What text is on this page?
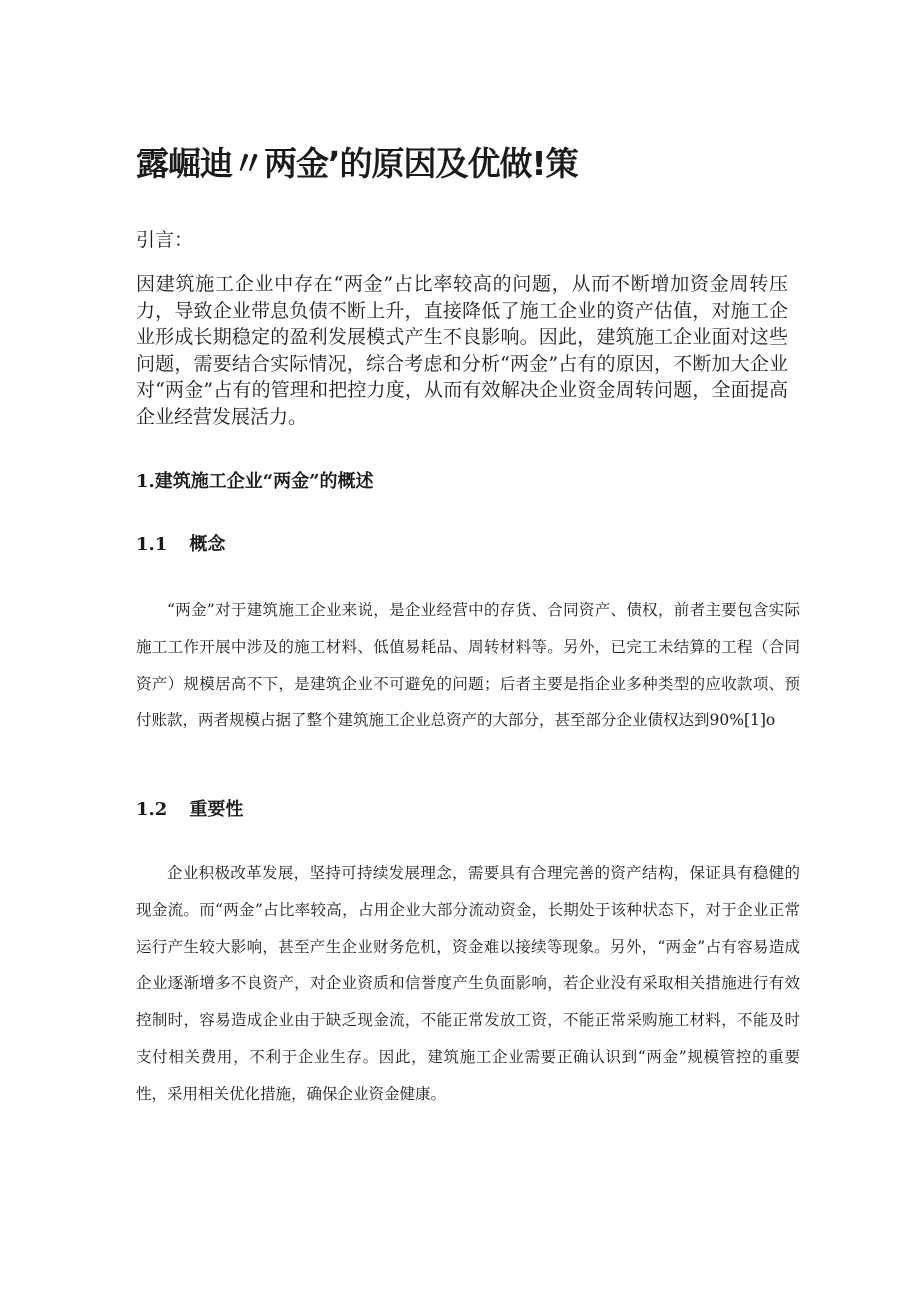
露崛迪〃两金’的原因及优做!策

引言：

因建筑施工企业中存在“两金”占比率较高的问题，从而不断增加资金周转压力，导致企业带息负债不断上升，直接降低了施工企业的资产估值，对施工企业形成长期稳定的盈利发展模式产生不良影响。因此，建筑施工企业面对这些问题，需要结合实际情况，综合考虑和分析“两金”占有的原因，不断加大企业对“两金”占有的管理和把控力度，从而有效解决企业资金周转问题，全面提高企业经营发展活力。

1.建筑施工企业“两金”的概述
1.1 概念

“两金”对于建筑施工企业来说，是企业经营中的存货、合同资产、债权，前者主要包含实际施工工作开展中涉及的施工材料、低值易耗品、周转材料等。另外，已完工未结算的工程（合同资产）规模居高不下，是建筑企业不可避免的问题；后者主要是指企业多种类型的应收款项、预付账款，两者规模占据了整个建筑施工企业总资产的大部分，甚至部分企业债权达到90%[1]o

1.2 重要性

企业积极改革发展，坚持可持续发展理念，需要具有合理完善的资产结构，保证具有稳健的现金流。而“两金”占比率较高，占用企业大部分流动资金，长期处于该种状态下，对于企业正常运行产生较大影响，甚至产生企业财务危机，资金难以接续等现象。另外，“两金”占有容易造成企业逐渐增多不良资产，对企业资质和信誉度产生负面影响，若企业没有采取相关措施进行有效控制时，容易造成企业由于缺乏现金流，不能正常发放工资，不能正常采购施工材料，不能及时支付相关费用，不利于企业生存。因此，建筑施工企业需要正确认识到“两金”规模管控的重要性，采用相关优化措施，确保企业资金健康。
